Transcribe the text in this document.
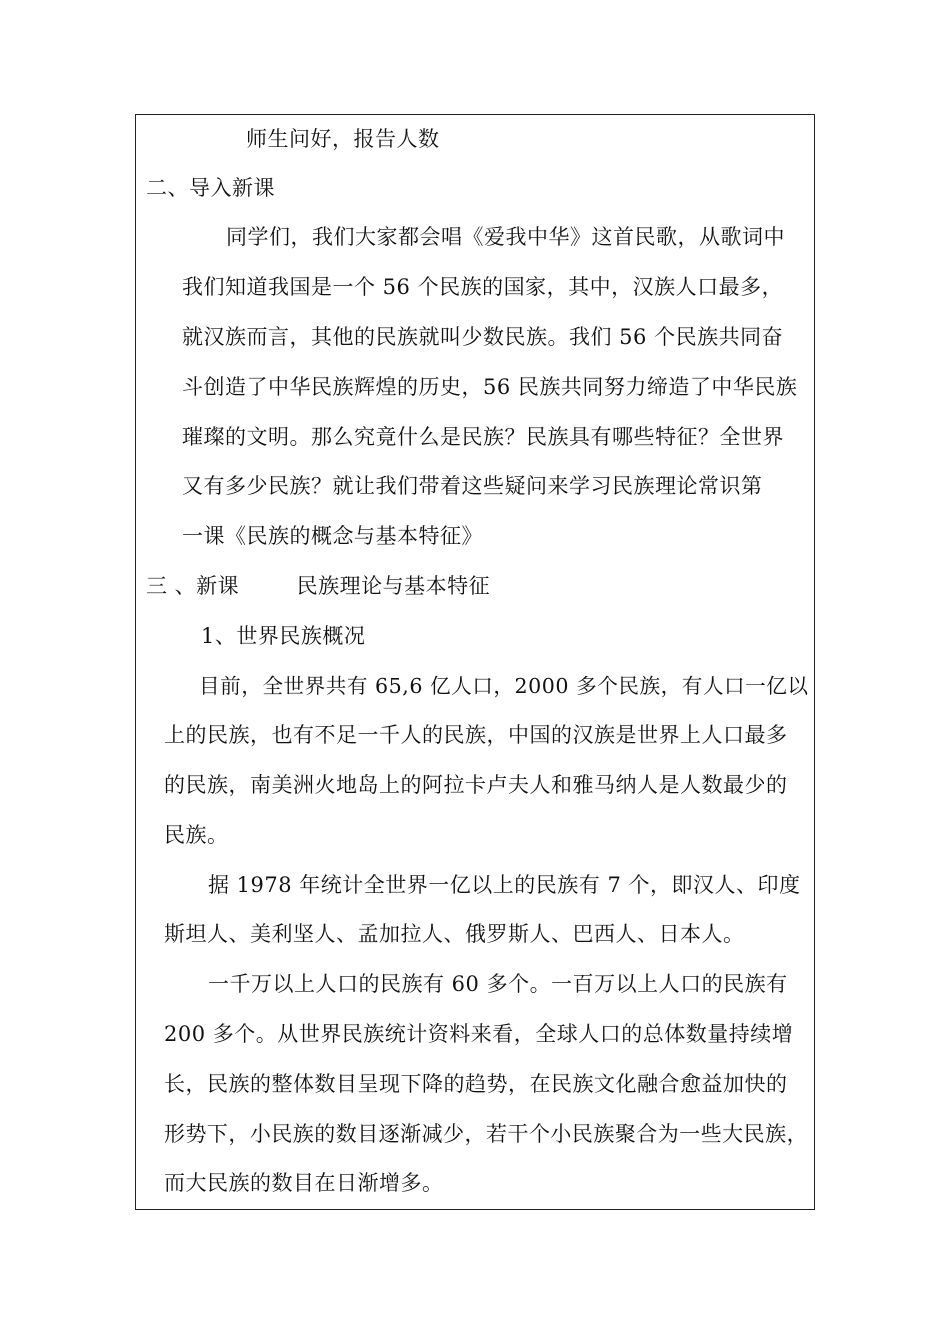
师生问好，报告人数
二、导入新课
同学们，我们大家都会唱《爱我中华》这首民歌，从歌词中
我们知道我国是一个 56 个民族的国家，其中，汉族人口最多，
就汉族而言，其他的民族就叫少数民族。我们 56 个民族共同奋
斗创造了中华民族辉煌的历史，56 民族共同努力缔造了中华民族
璀璨的文明。那么究竟什么是民族？民族具有哪些特征？全世界
又有多少民族？就让我们带着这些疑问来学习民族理论常识第
一课《民族的概念与基本特征》
三 、新课        民族理论与基本特征
1、世界民族概况
目前，全世界共有 65,6 亿人口，2000 多个民族，有人口一亿以
上的民族，也有不足一千人的民族，中国的汉族是世界上人口最多
的民族，南美洲火地岛上的阿拉卡卢夫人和雅马纳人是人数最少的
民族。
据 1978 年统计全世界一亿以上的民族有 7 个，即汉人、印度
斯坦人、美利坚人、孟加拉人、俄罗斯人、巴西人、日本人。
一千万以上人口的民族有 60 多个。一百万以上人口的民族有
200 多个。从世界民族统计资料来看，全球人口的总体数量持续增
长，民族的整体数目呈现下降的趋势，在民族文化融合愈益加快的
形势下，小民族的数目逐渐减少，若干个小民族聚合为一些大民族，
而大民族的数目在日渐增多。
